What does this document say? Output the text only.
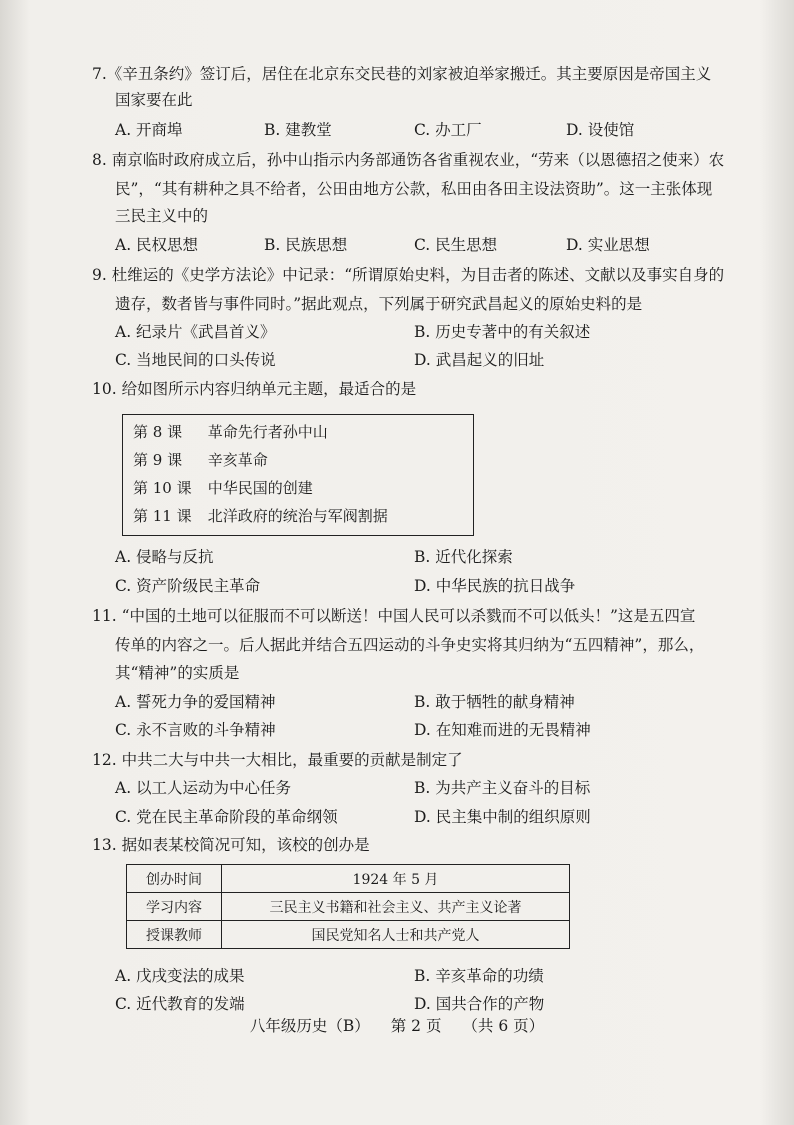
7.《辛丑条约》签订后，居住在北京东交民巷的刘家被迫举家搬迁。其主要原因是帝国主义
国家要在此
A. 开商埠	B. 建教堂	C. 办工厂	D. 设使馆
8. 南京临时政府成立后，孙中山指示内务部通饬各省重视农业，“劳来（以恩德招之使来）农
民”，“其有耕种之具不给者，公田由地方公款，私田由各田主设法资助”。这一主张体现
三民主义中的
A. 民权思想	B. 民族思想	C. 民生思想	D. 实业思想
9. 杜维运的《史学方法论》中记录：“所谓原始史料，为目击者的陈述、文献以及事实自身的
遗存，数者皆与事件同时。”据此观点，下列属于研究武昌起义的原始史料的是
A. 纪录片《武昌首义》	B. 历史专著中的有关叙述
C. 当地民间的口头传说	D. 武昌起义的旧址
10. 给如图所示内容归纳单元主题，最适合的是
第 8 课 革命先行者孙中山
第 9 课 辛亥革命
第 10 课 中华民国的创建
第 11 课 北洋政府的统治与军阀割据
A. 侵略与反抗	B. 近代化探索
C. 资产阶级民主革命	D. 中华民族的抗日战争
11. “中国的土地可以征服而不可以断送！中国人民可以杀戮而不可以低头！”这是五四宣
传单的内容之一。后人据此并结合五四运动的斗争史实将其归纳为“五四精神”，那么，
其“精神”的实质是
A. 誓死力争的爱国精神	B. 敢于牺牲的献身精神
C. 永不言败的斗争精神	D. 在知难而进的无畏精神
12. 中共二大与中共一大相比，最重要的贡献是制定了
A. 以工人运动为中心任务	B. 为共产主义奋斗的目标
C. 党在民主革命阶段的革命纲领	D. 民主集中制的组织原则
13. 据如表某校简况可知，该校的创办是
创办时间	1924 年 5 月
学习内容	三民主义书籍和社会主义、共产主义论著
授课教师	国民党知名人士和共产党人
A. 戊戌变法的成果	B. 辛亥革命的功绩
C. 近代教育的发端	D. 国共合作的产物
八年级历史（B） 第 2 页 （共 6 页）
